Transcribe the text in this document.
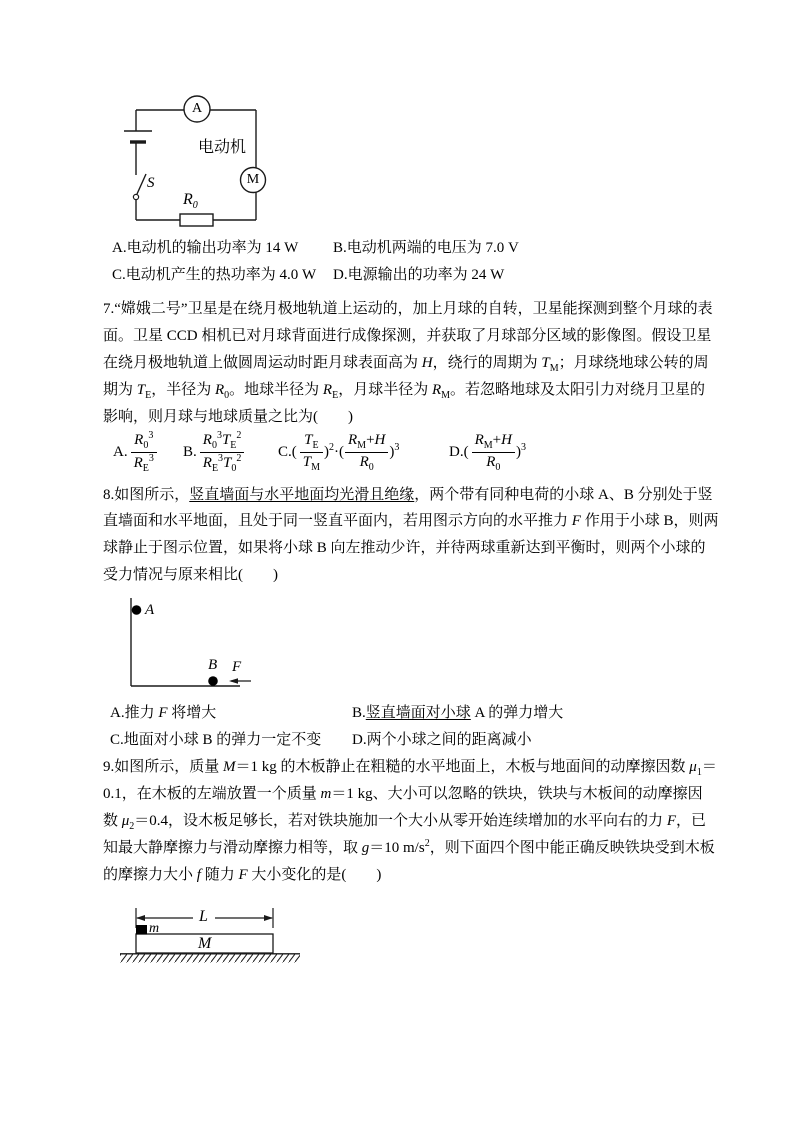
A
M
电动机
S
$R_0$
A.电动机的输出功率为 14 W	B.电动机两端的电压为 7.0 V
C.电动机产生的热功率为 4.0 W	D.电源输出的功率为 24 W
7.“嫦娥二号”卫星是在绕月极地轨道上运动的，加上月球的自转，卫星能探测到整个月球的表
面。卫星 CCD 相机已对月球背面进行成像探测，并获取了月球部分区域的影像图。假设卫星
在绕月极地轨道上做圆周运动时距月球表面高为 H，绕行的周期为 $T_M$；月球绕地球公转的周
期为 $T_E$，半径为 $R_0$。地球半径为 $R_E$，月球半径为 $R_M$。若忽略地球及太阳引力对绕月卫星的
影响，则月球与地球质量之比为(　　)
A. $\frac{R_0^3}{R_E^3} B$. $\frac{R_0^3T_E^2}{R_E^3T_0^2} C.( \frac{T_E}{T_M} )^2\cdot( \frac{R_M+H}{R_0} )^3$	$D.( \frac{R_M+H}{R_0} )^3$
8.如图所示，竖直墙面与水平地面均光滑且绝缘，两个带有同种电荷的小球 A、B 分别处于竖
直墙面和水平地面，且处于同一竖直平面内，若用图示方向的水平推力 F 作用于小球 B，则两
球静止于图示位置，如果将小球 B 向左推动少许，并待两球重新达到平衡时，则两个小球的
受力情况与原来相比(　　)
A
B F
A.推力 F 将增大	B.竖直墙面对小球 A 的弹力增大
C.地面对小球 B 的弹力一定不变	D.两个小球之间的距离减小
9.如图所示，质量 M＝1 kg 的木板静止在粗糙的水平地面上，木板与地面间的动摩擦因数 $\mu_1=$
0.1，在木板的左端放置一个质量 m＝1 kg、大小可以忽略的铁块，铁块与木板间的动摩擦因
数 $\mu_2=0.4$，设木板足够长，若对铁块施加一个大小从零开始连续增加的水平向右的力 F，已
知最大静摩擦力与滑动摩擦力相等，取 g＝10 $m/s^2$，则下面四个图中能正确反映铁块受到木板
的摩擦力大小 f 随力 F 大小变化的是(　　)
L
M
m
